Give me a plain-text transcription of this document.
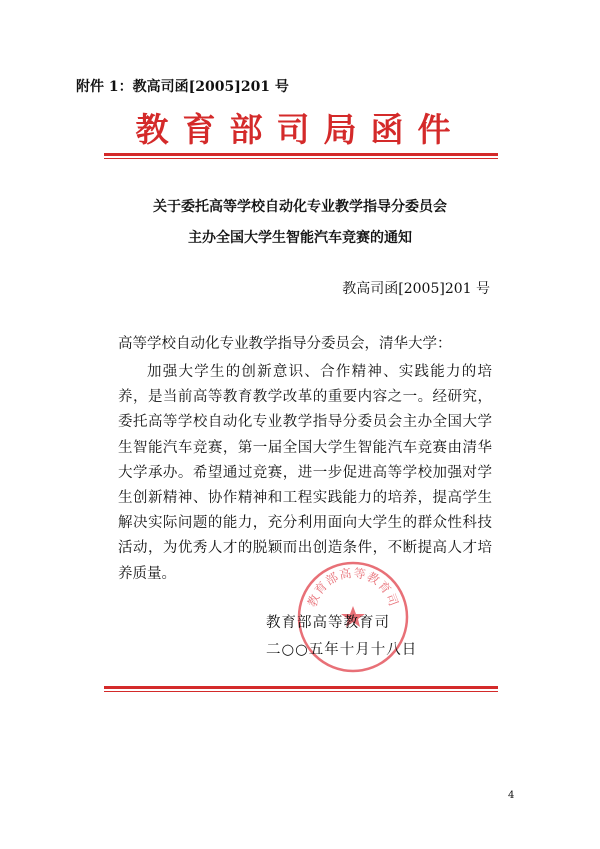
附件 1：教高司函[2005]201 号
教育部司局函件
关于委托高等学校自动化专业教学指导分委员会
主办全国大学生智能汽车竞赛的通知
教高司函[2005]201 号
高等学校自动化专业教学指导分委员会，清华大学：

加强大学生的创新意识、合作精神、实践能力的培养，是当前高等教育教学改革的重要内容之一。经研究，委托高等学校自动化专业教学指导分委员会主办全国大学生智能汽车竞赛，第一届全国大学生智能汽车竞赛由清华大学承办。希望通过竞赛，进一步促进高等学校加强对学生创新精神、协作精神和工程实践能力的培养，提高学生解决实际问题的能力，充分利用面向大学生的群众性科技活动，为优秀人才的脱颖而出创造条件，不断提高人才培养质量。

教育部高等教育司
教育部高等教育司
二○○五年十月十八日
4
